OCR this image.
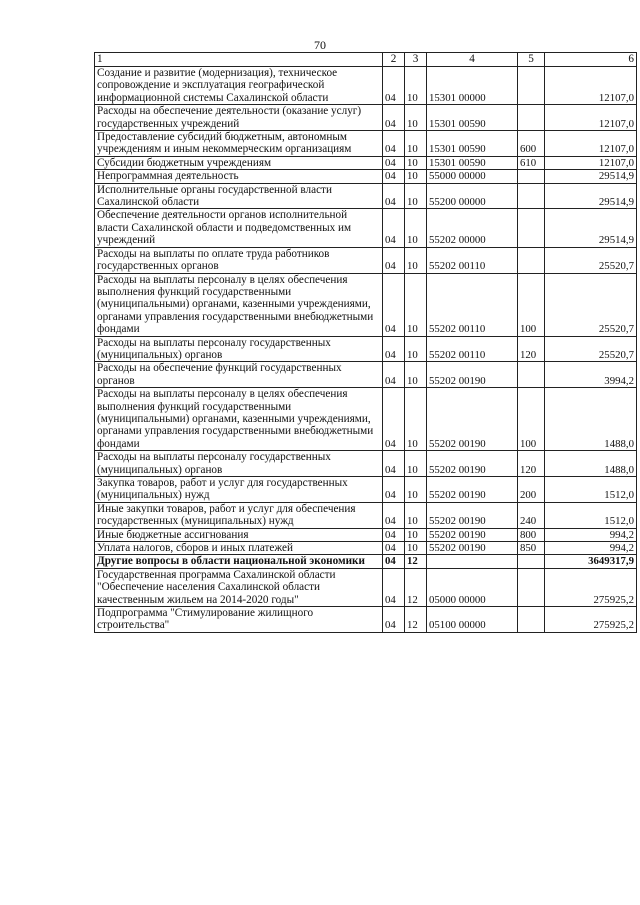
70
1	2	3	4	5	6
Создание и развитие (модернизация), техническое сопровождение и эксплуатация географической информационной системы Сахалинской области	04	10	15301 00000		12107,0
Расходы на обеспечение деятельности (оказание услуг) государственных учреждений	04	10	15301 00590		12107,0
Предоставление субсидий бюджетным, автономным учреждениям и иным некоммерческим организациям	04	10	15301 00590	600	12107,0
Субсидии бюджетным учреждениям	04	10	15301 00590	610	12107,0
Непрограммная деятельность	04	10	55000 00000		29514,9
Исполнительные органы государственной власти Сахалинской области	04	10	55200 00000		29514,9
Обеспечение деятельности органов исполнительной власти Сахалинской области и подведомственных им учреждений	04	10	55202 00000		29514,9
Расходы на выплаты по оплате труда работников государственных органов	04	10	55202 00110		25520,7
Расходы на выплаты персоналу в целях обеспечения выполнения функций государственными (муниципальными) органами, казенными учреждениями, органами управления государственными внебюджетными фондами	04	10	55202 00110	100	25520,7
Расходы на выплаты персоналу государственных (муниципальных) органов	04	10	55202 00110	120	25520,7
Расходы на обеспечение функций государственных органов	04	10	55202 00190		3994,2
Расходы на выплаты персоналу в целях обеспечения выполнения функций государственными (муниципальными) органами, казенными учреждениями, органами управления государственными внебюджетными фондами	04	10	55202 00190	100	1488,0
Расходы на выплаты персоналу государственных (муниципальных) органов	04	10	55202 00190	120	1488,0
Закупка товаров, работ и услуг для государственных (муниципальных) нужд	04	10	55202 00190	200	1512,0
Иные закупки товаров, работ и услуг для обеспечения государственных (муниципальных) нужд	04	10	55202 00190	240	1512,0
Иные бюджетные ассигнования	04	10	55202 00190	800	994,2
Уплата налогов, сборов и иных платежей	04	10	55202 00190	850	994,2
Другие вопросы в области национальной экономики	04	12			3649317,9
Государственная программа Сахалинской области "Обеспечение населения Сахалинской области качественным жильем на 2014-2020 годы"	04	12	05000 00000		275925,2
Подпрограмма "Стимулирование жилищного строительства"	04	12	05100 00000		275925,2
